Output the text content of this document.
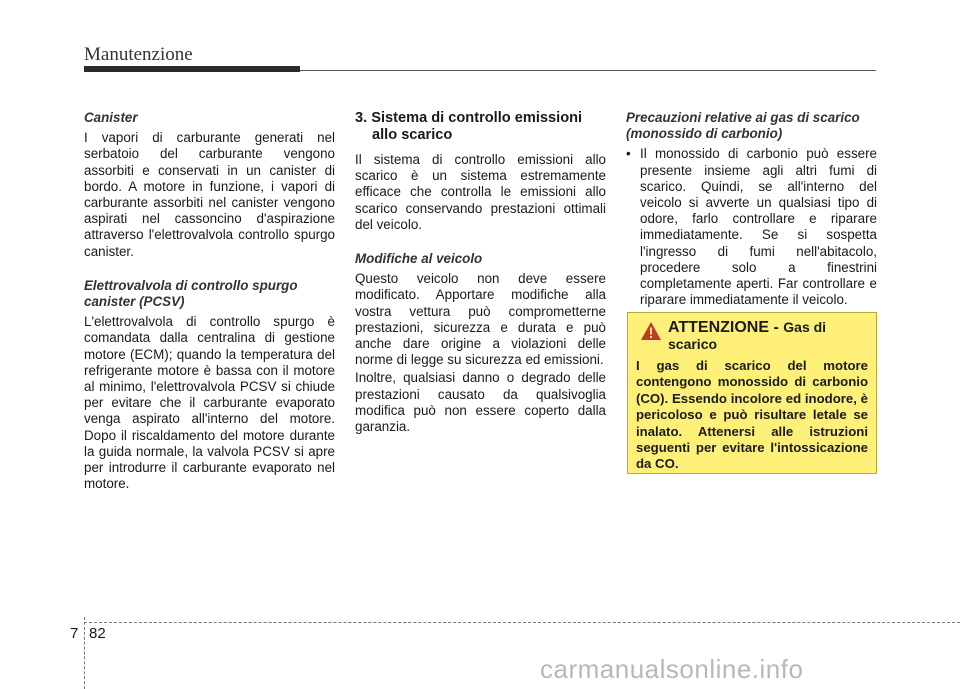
Manutenzione
Canister
I vapori di carburante generati nel serbatoio del carburante vengono assorbiti e conservati in un canister di bordo. A motore in funzione, i vapori di carburante assorbiti nel canister vengono aspirati nel cassoncino d'aspirazione attraverso l'elettrovalvola controllo spurgo canister.
Elettrovalvola di controllo spurgo canister (PCSV)
L'elettrovalvola di controllo spurgo è comandata dalla centralina di gestione motore (ECM); quando la temperatura del refrigerante motore è bassa con il motore al minimo, l'elettrovalvola PCSV si chiude per evitare che il carburante evaporato venga aspirato all'interno del motore. Dopo il riscaldamento del motore durante la guida normale, la valvola PCSV si apre per introdurre il carburante evaporato nel motore.
3. Sistema di controllo emissioni allo scarico
Il sistema di controllo emissioni allo scarico è un sistema estremamente efficace che controlla le emissioni allo scarico conservando prestazioni ottimali del veicolo.
Modifiche al veicolo
Questo veicolo non deve essere modificato. Apportare modifiche alla vostra vettura può comprometterne prestazioni, sicurezza e durata e può anche dare origine a violazioni delle norme di legge su sicurezza ed emissioni.
Inoltre, qualsiasi danno o degrado delle prestazioni causato da qualsivoglia modifica può non essere coperto dalla garanzia.
Precauzioni relative ai gas di scarico (monossido di carbonio)
• Il monossido di carbonio può essere presente insieme agli altri fumi di scarico. Quindi, se all'interno del veicolo si avverte un qualsiasi tipo di odore, farlo controllare e riparare immediatamente. Se si sospetta l'ingresso di fumi nell'abitacolo, procedere solo a finestrini completamente aperti. Far controllare e riparare immediatamente il veicolo.
ATTENZIONE - Gas di scarico
I gas di scarico del motore contengono monossido di carbonio (CO). Essendo incolore ed inodore, è pericoloso e può risultare letale se inalato. Attenersi alle istruzioni seguenti per evitare l'intossicazione da CO.
7 82
carmanualsonline.info
